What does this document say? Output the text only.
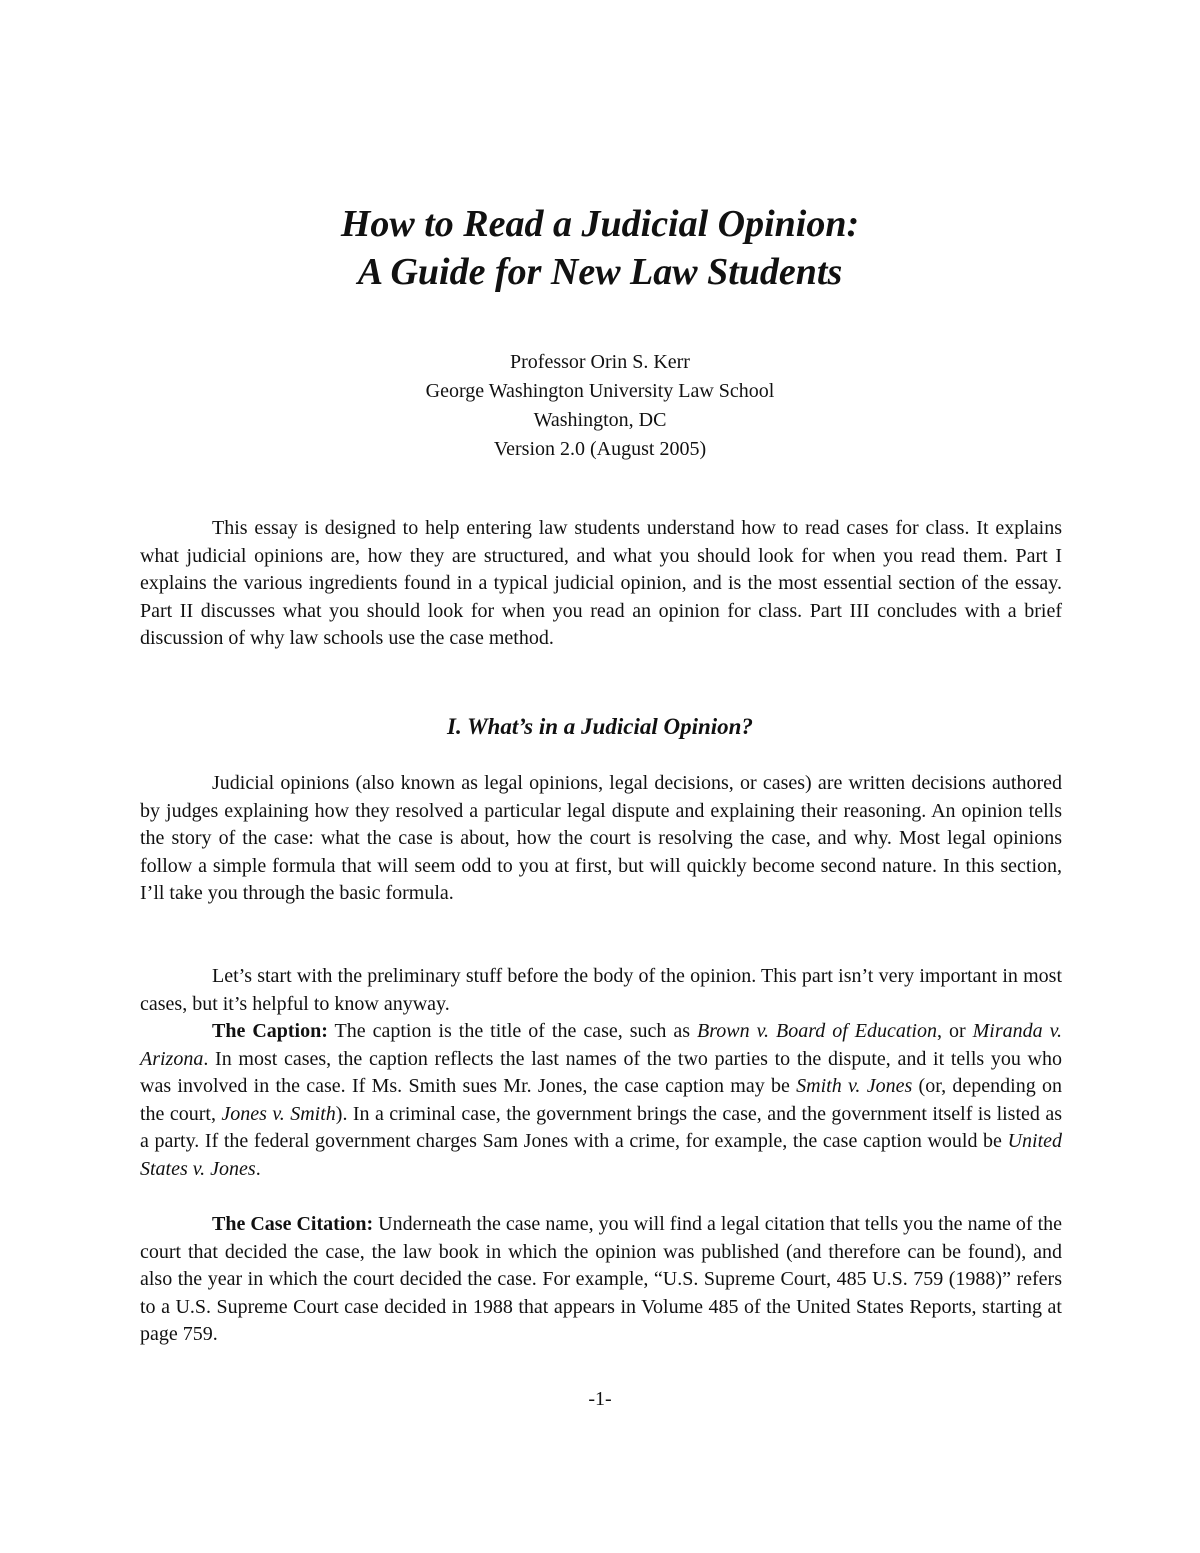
How to Read a Judicial Opinion:
A Guide for New Law Students
Professor Orin S. Kerr
George Washington University Law School
Washington, DC
Version 2.0 (August 2005)

This essay is designed to help entering law students understand how to read cases for class. It explains what judicial opinions are, how they are structured, and what you should look for when you read them. Part I explains the various ingredients found in a typical judicial opinion, and is the most essential section of the essay. Part II discusses what you should look for when you read an opinion for class. Part III concludes with a brief discussion of why law schools use the case method.

I. What’s in a Judicial Opinion?

Judicial opinions (also known as legal opinions, legal decisions, or cases) are written decisions authored by judges explaining how they resolved a particular legal dispute and explaining their reasoning. An opinion tells the story of the case: what the case is about, how the court is resolving the case, and why. Most legal opinions follow a simple formula that will seem odd to you at first, but will quickly become second nature. In this section, I’ll take you through the basic formula.

Let’s start with the preliminary stuff before the body of the opinion. This part isn’t very important in most cases, but it’s helpful to know anyway.

The Caption: The caption is the title of the case, such as Brown v. Board of Education, or Miranda v. Arizona. In most cases, the caption reflects the last names of the two parties to the dispute, and it tells you who was involved in the case. If Ms. Smith sues Mr. Jones, the case caption may be Smith v. Jones (or, depending on the court, Jones v. Smith). In a criminal case, the government brings the case, and the government itself is listed as a party. If the federal government charges Sam Jones with a crime, for example, the case caption would be United States v. Jones.

The Case Citation: Underneath the case name, you will find a legal citation that tells you the name of the court that decided the case, the law book in which the opinion was published (and therefore can be found), and also the year in which the court decided the case. For example, “U.S. Supreme Court, 485 U.S. 759 (1988)” refers to a U.S. Supreme Court case decided in 1988 that appears in Volume 485 of the United States Reports, starting at page 759.

-1-
